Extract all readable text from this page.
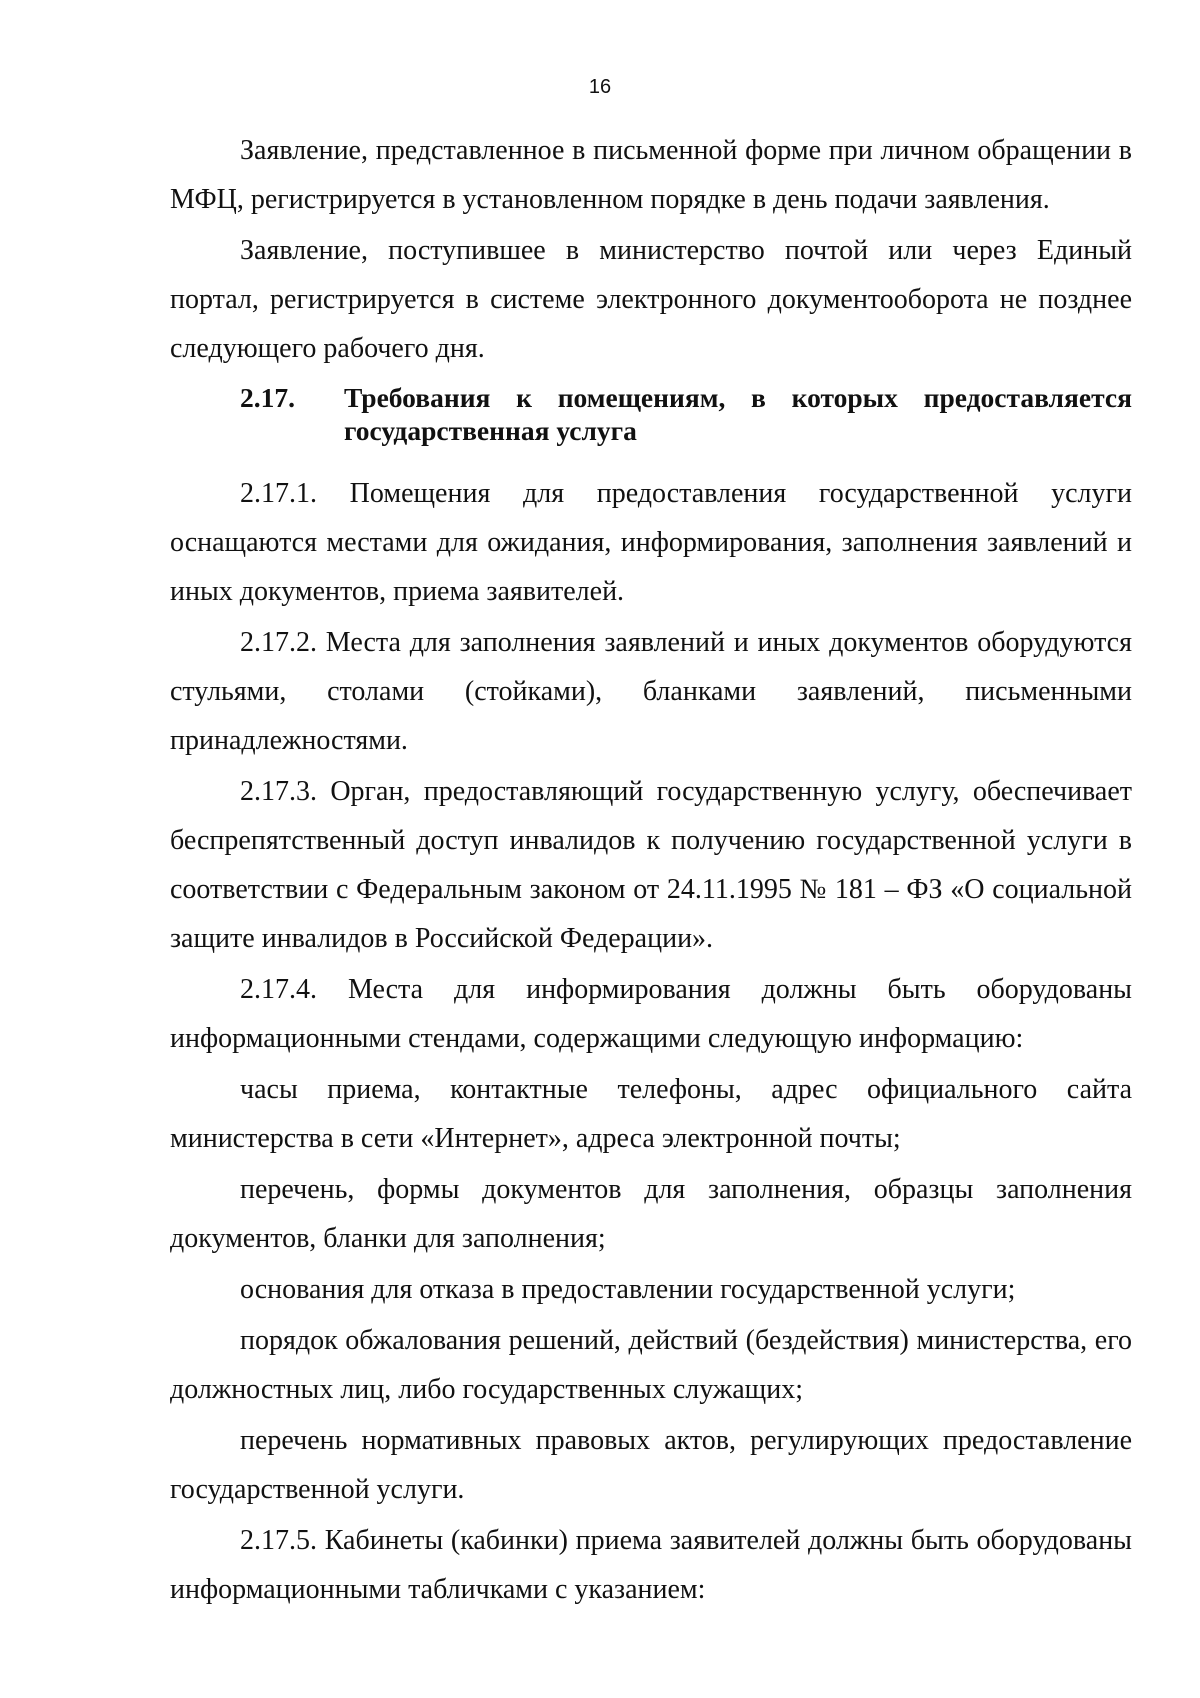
16

Заявление, представленное в письменной форме при личном обращении в МФЦ, регистрируется в установленном порядке в день подачи заявления.

Заявление, поступившее в министерство почтой или через Единый портал, регистрируется в системе электронного документооборота не позднее следующего рабочего дня.

2.17.	Требования к помещениям, в которых предоставляется государственная услуга

2.17.1. Помещения для предоставления государственной услуги оснащаются местами для ожидания, информирования, заполнения заявлений и иных документов, приема заявителей.

2.17.2. Места для заполнения заявлений и иных документов оборудуются стульями, столами (стойками), бланками заявлений, письменными принадлежностями.

2.17.3. Орган, предоставляющий государственную услугу, обеспечивает беспрепятственный доступ инвалидов к получению государственной услуги в соответствии с Федеральным законом от 24.11.1995 № 181 – ФЗ «О социальной защите инвалидов в Российской Федерации».

2.17.4. Места для информирования должны быть оборудованы информационными стендами, содержащими следующую информацию:

часы приема, контактные телефоны, адрес официального сайта министерства в сети «Интернет», адреса электронной почты;

перечень, формы документов для заполнения, образцы заполнения документов, бланки для заполнения;

основания для отказа в предоставлении государственной услуги;

порядок обжалования решений, действий (бездействия) министерства, его должностных лиц, либо государственных служащих;

перечень нормативных правовых актов, регулирующих предоставление государственной услуги.

2.17.5. Кабинеты (кабинки) приема заявителей должны быть оборудованы информационными табличками с указанием:
